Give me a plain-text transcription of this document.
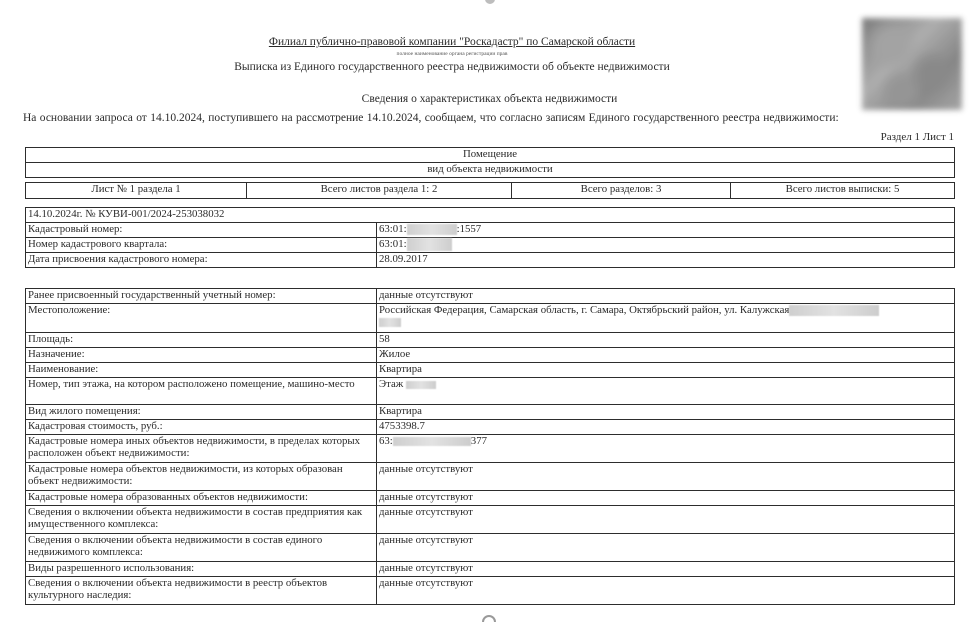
Филиал публично-правовой компании "Роскадастр" по Самарской области
полное наименование органа регистрации прав
Выписка из Единого государственного реестра недвижимости об объекте недвижимости
Сведения о характеристиках объекта недвижимости
На основании запроса от 14.10.2024, поступившего на рассмотрение 14.10.2024, сообщаем, что согласно записям Единого государственного реестра недвижимости:
Раздел 1 Лист 1
Помещение
вид объекта недвижимости
Лист № 1 раздела 1	Всего листов раздела 1: 2	Всего разделов: 3	Всего листов выписки: 5
14.10.2024г. № КУВИ-001/2024-253038032	
Кадастровый номер:	63:01: :1557
Номер кадастрового квартала:	63:01:
Дата присвоения кадастрового номера:	28.09.2017
Ранее присвоенный государственный учетный номер:	данные отсутствуют
Местоположение:	Российская Федерация, Самарская область, г. Самара, Октябрьский район, ул. Калужская

Площадь:	58
Назначение:	Жилое
Наименование:	Квартира
Номер, тип этажа, на котором расположено помещение, машино-место	Этаж
Вид жилого помещения:	Квартира
Кадастровая стоимость, руб.:	4753398.7
Кадастровые номера иных объектов недвижимости, в пределах которых расположен объект недвижимости:	63: 377
Кадастровые номера объектов недвижимости, из которых образован объект недвижимости:	данные отсутствуют
Кадастровые номера образованных объектов недвижимости:	данные отсутствуют
Сведения о включении объекта недвижимости в состав предприятия как имущественного комплекса:	данные отсутствуют
Сведения о включении объекта недвижимости в состав единого недвижимого комплекса:	данные отсутствуют
Виды разрешенного использования:	данные отсутствуют
Сведения о включении объекта недвижимости в реестр объектов культурного наследия:	данные отсутствуют
